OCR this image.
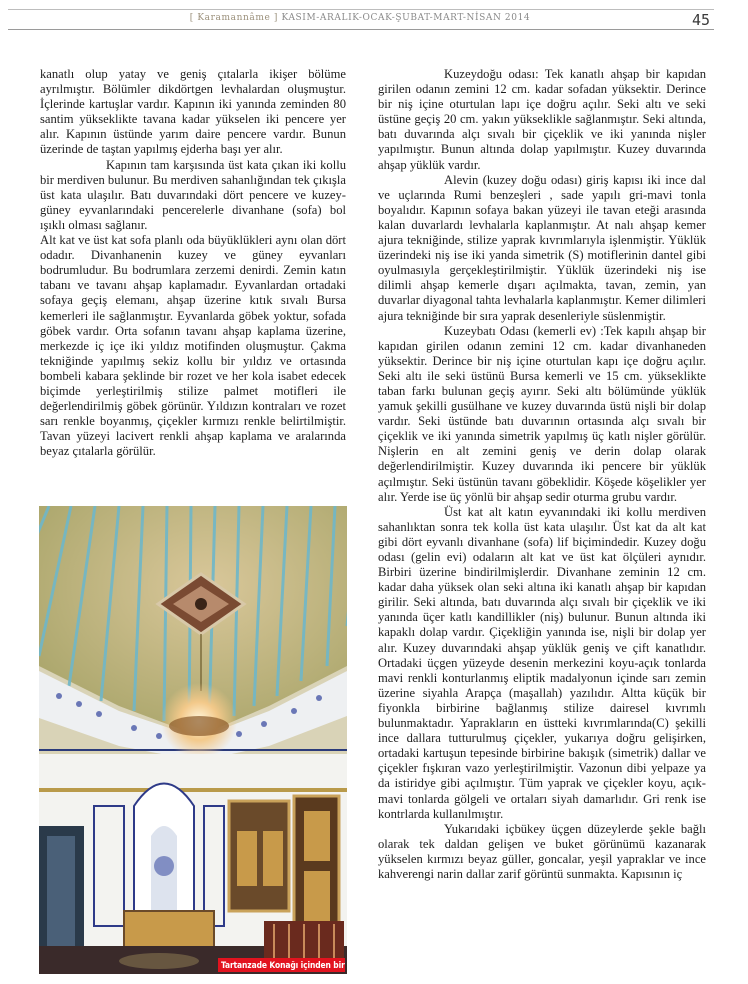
[ Karamannâme ] KASIM-ARALIK-OCAK-ŞUBAT-MART-NİSAN 2014	45

kanatlı olup yatay ve geniş çıtalarla ikişer bölüme ayrılmıştır. Bölümler dikdörtgen levhalardan oluşmuştur. İçlerinde kartuşlar vardır. Kapının iki yanında zeminden 80 santim yükseklikte tavana kadar yükselen iki pencere yer alır. Kapının üstünde yarım daire pencere vardır. Bunun üzerinde de taştan yapılmış ejderha başı yer alır.

Kapının tam karşısında üst kata çıkan iki kollu bir merdiven bulunur. Bu merdiven sahanlığından tek çıkışla üst kata ulaşılır. Batı duvarındaki dört pencere ve kuzey-güney eyvanlarındaki pencerelerle divanhane (sofa) bol ışıklı olması sağlanır.

Alt kat ve üst kat sofa planlı oda büyüklükleri aynı olan dört odadır. Divanhanenin kuzey ve güney eyvanları bodrumludur. Bu bodrumlara zerzemi denirdi. Zemin katın tabanı ve tavanı ahşap kaplamadır. Eyvanlardan ortadaki sofaya geçiş elemanı, ahşap üzerine kıtık sıvalı Bursa kemerleri ile sağlanmıştır. Eyvanlarda göbek yoktur, sofada göbek vardır. Orta sofanın tavanı ahşap kaplama üzerine, merkezde iç içe iki yıldız motifinden oluşmuştur. Çakma tekniğinde yapılmış sekiz kollu bir yıldız ve ortasında bombeli kabara şeklinde bir rozet ve her kola isabet edecek biçimde yerleştirilmiş stilize palmet motifleri ile değerlendirilmiş göbek görünür. Yıldızın kontraları ve rozet sarı renkle boyanmış, çiçekler kırmızı renkle belirtilmiştir. Tavan yüzeyi lacivert renkli ahşap kaplama ve aralarında beyaz çıtalarla görülür.

Kuzeydoğu odası: Tek kanatlı ahşap bir kapıdan girilen odanın zemini 12 cm. kadar sofadan yüksektir. Derince bir niş içine oturtulan lapı içe doğru açılır. Seki altı ve seki üstüne geçiş 20 cm. yakın yükseklikle sağlanmıştır. Seki altında, batı duvarında alçı sıvalı bir çiçeklik ve iki yanında nişler yapılmıştır. Bunun altında dolap yapılmıştır. Kuzey duvarında ahşap yüklük vardır.

Alevin (kuzey doğu odası) giriş kapısı iki ince dal ve uçlarında Rumi benzeşleri , sade yapılı gri-mavi tonla boyalıdır. Kapının sofaya bakan yüzeyi ile tavan eteği arasında kalan duvarlardı levhalarla kaplanmıştır. At nalı ahşap kemer ajura tekniğinde, stilize yaprak kıvrımlarıyla işlenmiştir. Yüklük üzerindeki niş ise iki yanda simetrik (S) motiflerinin dantel gibi oyulmasıyla gerçekleştirilmiştir. Yüklük üzerindeki niş ise dilimli ahşap kemerle dışarı açılmakta, tavan, zemin, yan duvarlar diyagonal tahta levhalarla kaplanmıştır. Kemer dilimleri ajura tekniğinde bir sıra yaprak desenleriyle süslenmiştir.

Kuzeybatı Odası (kemerli ev) :Tek kapılı ahşap bir kapıdan girilen odanın zemini 12 cm. kadar divanhaneden yüksektir. Derince bir niş içine oturtulan kapı içe doğru açılır. Seki altı ile seki üstünü Bursa kemerli ve 15 cm. yükseklikte taban farkı bulunan geçiş ayırır. Seki altı bölümünde yüklük yamuk şekilli gusülhane ve kuzey duvarında üstü nişli bir dolap vardır. Seki üstünde batı duvarının ortasında alçı sıvalı bir çiçeklik ve iki yanında simetrik yapılmış üç katlı nişler görülür. Nişlerin en alt zemini geniş ve derin dolap olarak değerlendirilmiştir. Kuzey duvarında iki pencere bir yüklük açılmıştır. Seki üstünün tavanı göbeklidir. Köşede köşelikler yer alır. Yerde ise üç yönlü bir ahşap sedir oturma grubu vardır.

Üst kat alt katın eyvanındaki iki kollu merdiven sahanlıktan sonra tek kolla üst kata ulaşılır. Üst kat da alt kat gibi dört eyvanlı divanhane (sofa) lif biçimindedir. Kuzey doğu odası (gelin evi) odaların alt kat ve üst kat ölçüleri aynıdır. Birbiri üzerine bindirilmişlerdir. Divanhane zeminin 12 cm. kadar daha yüksek olan seki altına iki kanatlı ahşap bir kapıdan girilir. Seki altında, batı duvarında alçı sıvalı bir çiçeklik ve iki yanında üçer katlı kandillikler (niş) bulunur. Bunun altında iki kapaklı dolap vardır. Çiçekliğin yanında ise, nişli bir dolap yer alır. Kuzey duvarındaki ahşap yüklük geniş ve çift kanatlıdır. Ortadaki üçgen yüzeyde desenin merkezini koyu-açık tonlarda mavi renkli konturlanmış eliptik madalyonun içinde sarı zemin üzerine siyahla Arapça (maşallah) yazılıdır. Altta küçük bir fiyonkla birbirine bağlanmış stilize dairesel kıvrımlı bulunmaktadır. Yaprakların en üstteki kıvrımlarında(C) şekilli ince dallara tutturulmuş çiçekler, yukarıya doğru gelişirken, ortadaki kartuşun tepesinde birbirine bakışık (simetrik) dallar ve çiçekler fışkıran vazo yerleştirilmiştir. Vazonun dibi yelpaze ya da istiridye gibi açılmıştır. Tüm yaprak ve çiçekler koyu, açık-mavi tonlarda gölgeli ve ortaları siyah damarlıdır. Gri renk ise kontrlarda kullanılmıştır.

Yukarıdaki içbükey üçgen düzeylerde şekle bağlı olarak tek daldan gelişen ve buket görünümü kazanarak yükselen kırmızı beyaz güller, goncalar, yeşil yapraklar ve ince kahverengi narin dallar zarif görüntü sunmakta. Kapısının iç

Tartanzade Konağı içinden bir oda
